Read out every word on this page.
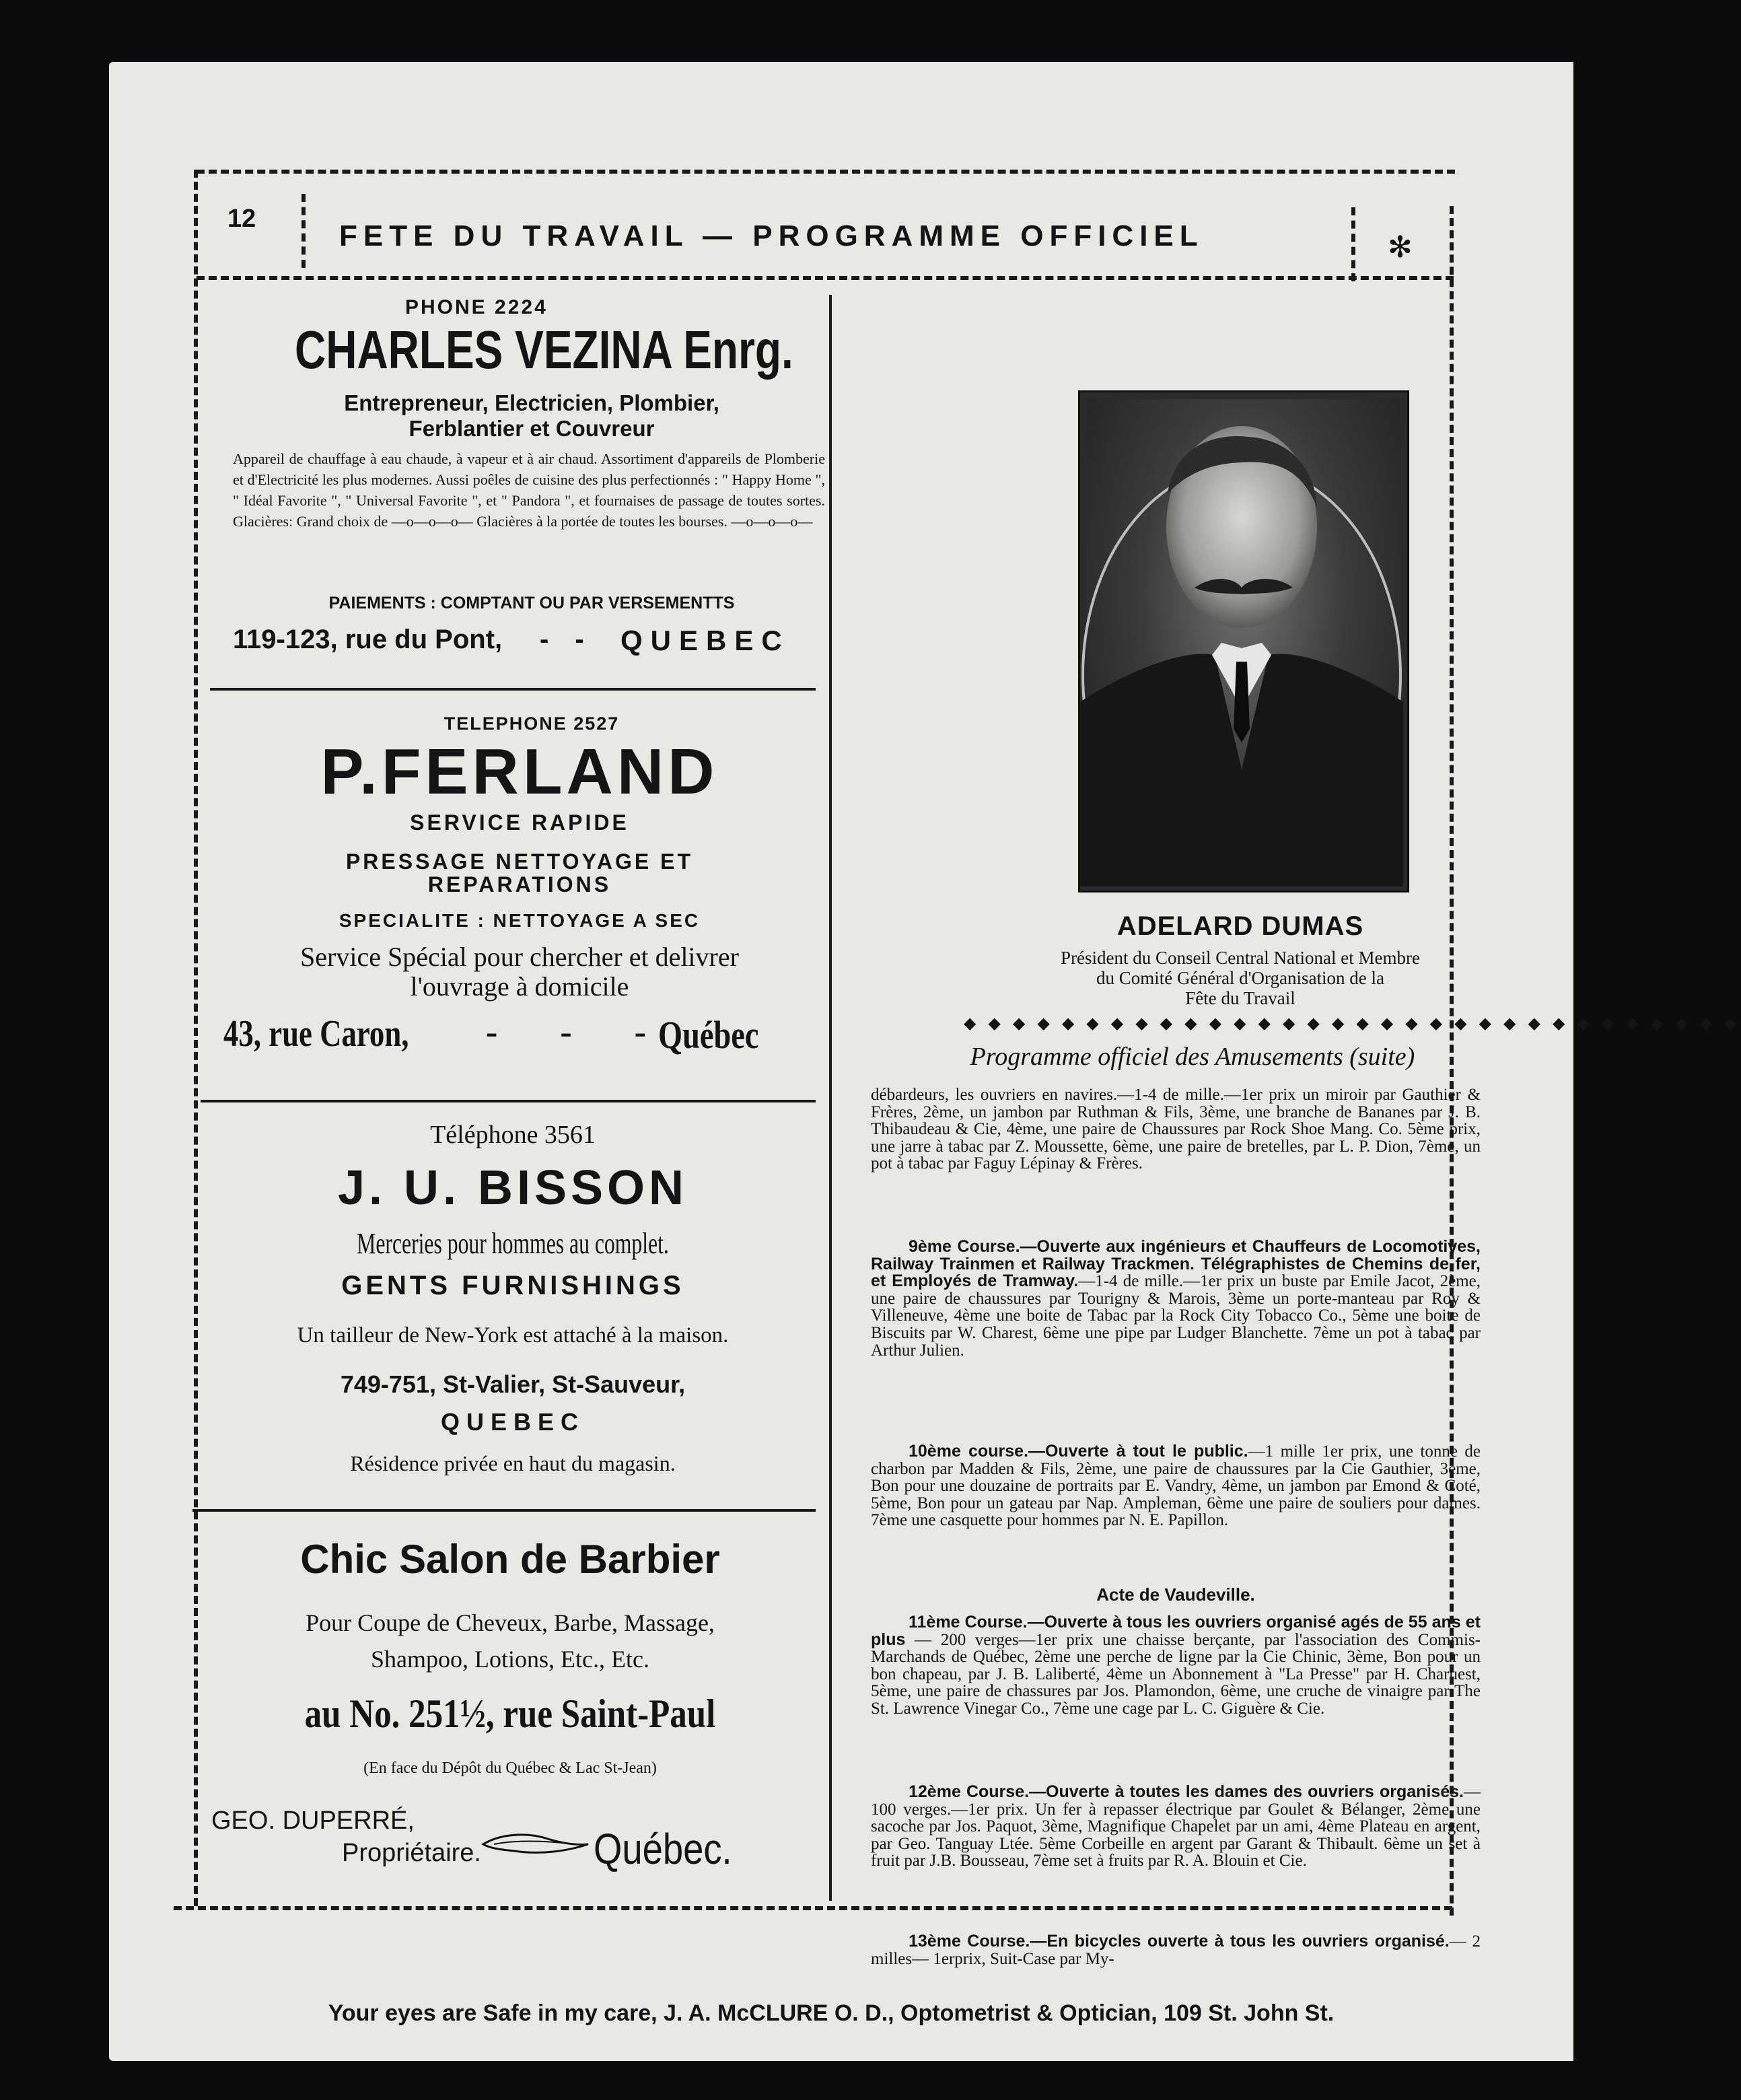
12
FETE DU TRAVAIL — PROGRAMME OFFICIEL	✻
PHONE 2224
CHARLES VEZINA Enrg.
Entrepreneur, Electricien, Plombier,
Ferblantier et Couvreur

Appareil de chauffage à eau chaude, à vapeur et à air chaud. Assortiment d'appareils de Plomberie et d'Electricité les plus modernes. Aussi poêles de cuisine des plus perfectionnés : " Happy Home ", " Idéal Favorite ", " Universal Favorite ", et " Pandora ", et fournaises de passage de toutes sortes. Glacières: Grand choix de —o—o—o— Glacières à la portée de toutes les bourses. —o—o—o—

PAIEMENTS : COMPTANT OU PAR VERSEMENTTS
119-123, rue du Pont, - - QUEBEC
TELEPHONE 2527
P.FERLAND
SERVICE RAPIDE
PRESSAGE NETTOYAGE ET
REPARATIONS
SPECIALITE : NETTOYAGE A SEC
Service Spécial pour chercher et delivrer
l'ouvrage à domicile
43, rue Caron, - - -
Québec
Téléphone 3561
J. U. BISSON
Merceries pour hommes au complet.
GENTS FURNISHINGS
Un tailleur de New-York est attaché à la maison.
749-751, St-Valier, St-Sauveur,
QUEBEC
Résidence privée en haut du magasin.
Chic Salon de Barbier
Pour Coupe de Cheveux, Barbe, Massage,
Shampoo, Lotions, Etc., Etc.
au No. 251½, rue Saint-Paul
(En face du Dépôt du Québec & Lac St-Jean)
GEO. DUPERRÉ,
Propriétaire.	Québec.
ADELARD DUMAS
Président du Conseil Central National et Membre
du Comité Général d'Organisation de la
Fête du Travail
◆ ◆ ◆ ◆ ◆ ◆ ◆ ◆ ◆ ◆ ◆ ◆ ◆ ◆ ◆ ◆ ◆ ◆ ◆ ◆ ◆ ◆ ◆ ◆ ◆ ◆ ◆ ◆ ◆ ◆ ◆ ◆
Programme officiel des Amusements (suite)

débardeurs, les ouvriers en navires.—1-4 de mille.—1er prix un miroir par Gauthier & Frères, 2ème, un jambon par Ruthman & Fils, 3ème, une branche de Bananes par J. B. Thibaudeau & Cie, 4ème, une paire de Chaussures par Rock Shoe Mang. Co. 5ème prix, une jarre à tabac par Z. Moussette, 6ème, une paire de bretelles, par L. P. Dion, 7ème, un pot à tabac par Faguy Lépinay & Frères.

9ème Course.—Ouverte aux ingénieurs et Chauffeurs de Locomotives, Railway Trainmen et Railway Trackmen. Télégraphistes de Chemins de fer, et Employés de Tramway.—1-4 de mille.—1er prix un buste par Emile Jacot, 2ème, une paire de chaussures par Tourigny & Marois, 3ème un porte-manteau par Roy & Villeneuve, 4ème une boite de Tabac par la Rock City Tobacco Co., 5ème une boite de Biscuits par W. Charest, 6ème une pipe par Ludger Blanchette. 7ème un pot à tabac par Arthur Julien.

10ème course.—Ouverte à tout le public.—1 mille 1er prix, une tonne de charbon par Madden & Fils, 2ème, une paire de chaussures par la Cie Gauthier, 3ème, Bon pour une douzaine de portraits par E. Vandry, 4ème, un jambon par Emond & Coté, 5ème, Bon pour un gateau par Nap. Ampleman, 6ème une paire de souliers pour dames. 7ème une casquette pour hommes par N. E. Papillon.

Acte de Vaudeville.

11ème Course.—Ouverte à tous les ouvriers organisé agés de 55 ans et plus — 200 verges—1er prix une chaisse berçante, par l'association des Commis-Marchands de Québec, 2ème une perche de ligne par la Cie Chinic, 3ème, Bon pour un bon chapeau, par J. B. Laliberté, 4ème un Abonnement à "La Presse" par H. Charuest, 5ème, une paire de chassures par Jos. Plamondon, 6ème, une cruche de vinaigre par The St. Lawrence Vinegar Co., 7ème une cage par L. C. Giguère & Cie.

12ème Course.—Ouverte à toutes les dames des ouvriers organisés.—100 verges.—1er prix. Un fer à repasser électrique par Goulet & Bélanger, 2ème une sacoche par Jos. Paquot, 3ème, Magnifique Chapelet par un ami, 4ème Plateau en argent, par Geo. Tanguay Ltée. 5ème Corbeille en argent par Garant & Thibault. 6ème un set à fruit par J.B. Bousseau, 7ème set à fruits par R. A. Blouin et Cie.

13ème Course.—En bicycles ouverte à tous les ouvriers organisé.— 2 milles— 1erprix, Suit-Case par My-

Your eyes are Safe in my care, J. A. McCLURE O. D., Optometrist & Optician, 109 St. John St.
